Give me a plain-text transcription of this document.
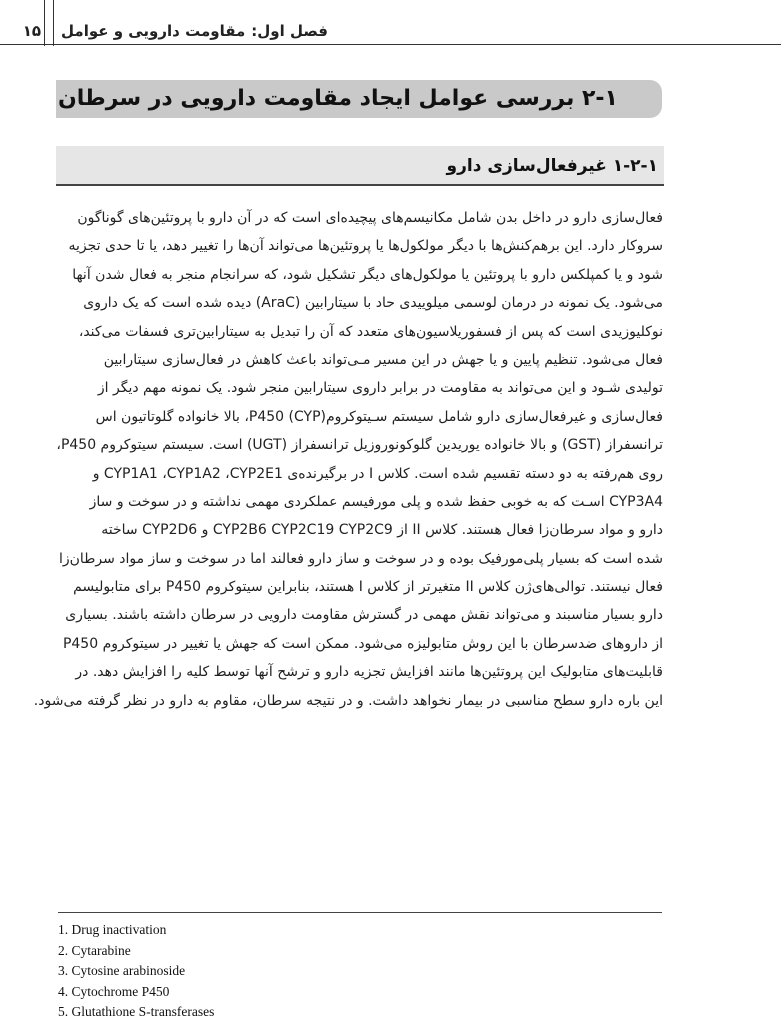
فصل اول:
مقاومت دارویی و عوامل
۱۵
۲-۱ بررسی عوامل ایجاد مقاومت دارویی در سرطان
۱-۲-۱ غیرفعال‌سازی دارو
فعال‌سازی دارو در داخل بدن شامل مکانیسم‌های پیچیده‌ای است که در آن دارو با پروتئین‌های گوناگون
سروکار دارد. این برهم‌کنش‌ها با دیگر مولکول‌ها یا پروتئین‌ها می‌تواند آن‌ها را تغییر دهد، یا تا حدی تجزیه
شود و یا کمپلکس دارو با پروتئین یا مولکول‌های دیگر تشکیل شود، که سرانجام منجر به فعال شدن آنها
می‌شود. یک نمونه در درمان لوسمی میلوییدی حاد با سیتارابین (AraC) دیده شده است که یک داروی
نوکلیوزیدی است که پس از فسفوریلاسیون‌های متعدد که آن را تبدیل به سیتارابین‌تری فسفات می‌کند،
فعال می‌شود. تنظیم پایین و یا جهش در این مسیر مـی‌تواند باعث کاهش در فعال‌سازی سیتارابین
تولیدی شـود و این می‌تواند به مقاومت در برابر داروی سیتارابین منجر شود. یک نمونه مهم دیگر از
فعال‌سازی و غیرفعال‌سازی دارو شامل سیستم سـیتوکروم(CYP) P450، بالا خانواده گلوتاتیون اس
ترانسفراز (GST) و بالا خانواده یوریدین گلوکونوروزیل ترانسفراز (UGT) است. سیستم سیتوکروم P450،
روی هم‌رفته به دو دسته تقسیم شده است. کلاس I در برگیرنده‌ی CYP1A1 ،CYP1A2 ،CYP2E1 و
CYP3A4 اسـت که به خوبی حفظ شده و پلی مورفیسم عملکردی مهمی نداشته و در سوخت و ساز
دارو و مواد سرطان‌زا فعال هستند. کلاس II از CYP2B6 CYP2C19 CYP2C9 و CYP2D6 ساخته
شده است که بسیار پلی‌مورفیک بوده و در سوخت و ساز دارو فعالند اما در سوخت و ساز مواد سرطان‌زا
فعال نیستند. توالی‌های‌ژن کلاس II متغیرتر از کلاس I هستند، بنابراین سیتوکروم P450 برای متابولیسم
دارو بسیار مناسبند و می‌تواند نقش مهمی در گسترش مقاومت دارویی در سرطان داشته باشند. بسیاری
از داروهای ضدسرطان با این روش متابولیزه می‌شود. ممکن است که جهش یا تغییر در سیتوکروم P450
قابلیت‌های متابولیک این پروتئین‌ها مانند افزایش تجزیه دارو و ترشح آنها توسط کلیه را افزایش دهد. در
این باره دارو سطح مناسبی در بیمار نخواهد داشت. و در نتیجه سرطان، مقاوم به دارو در نظر گرفته می‌شود.
1. Drug inactivation
2. Cytarabine
3. Cytosine arabinoside
4. Cytochrome P450
5. Glutathione S-transferases
